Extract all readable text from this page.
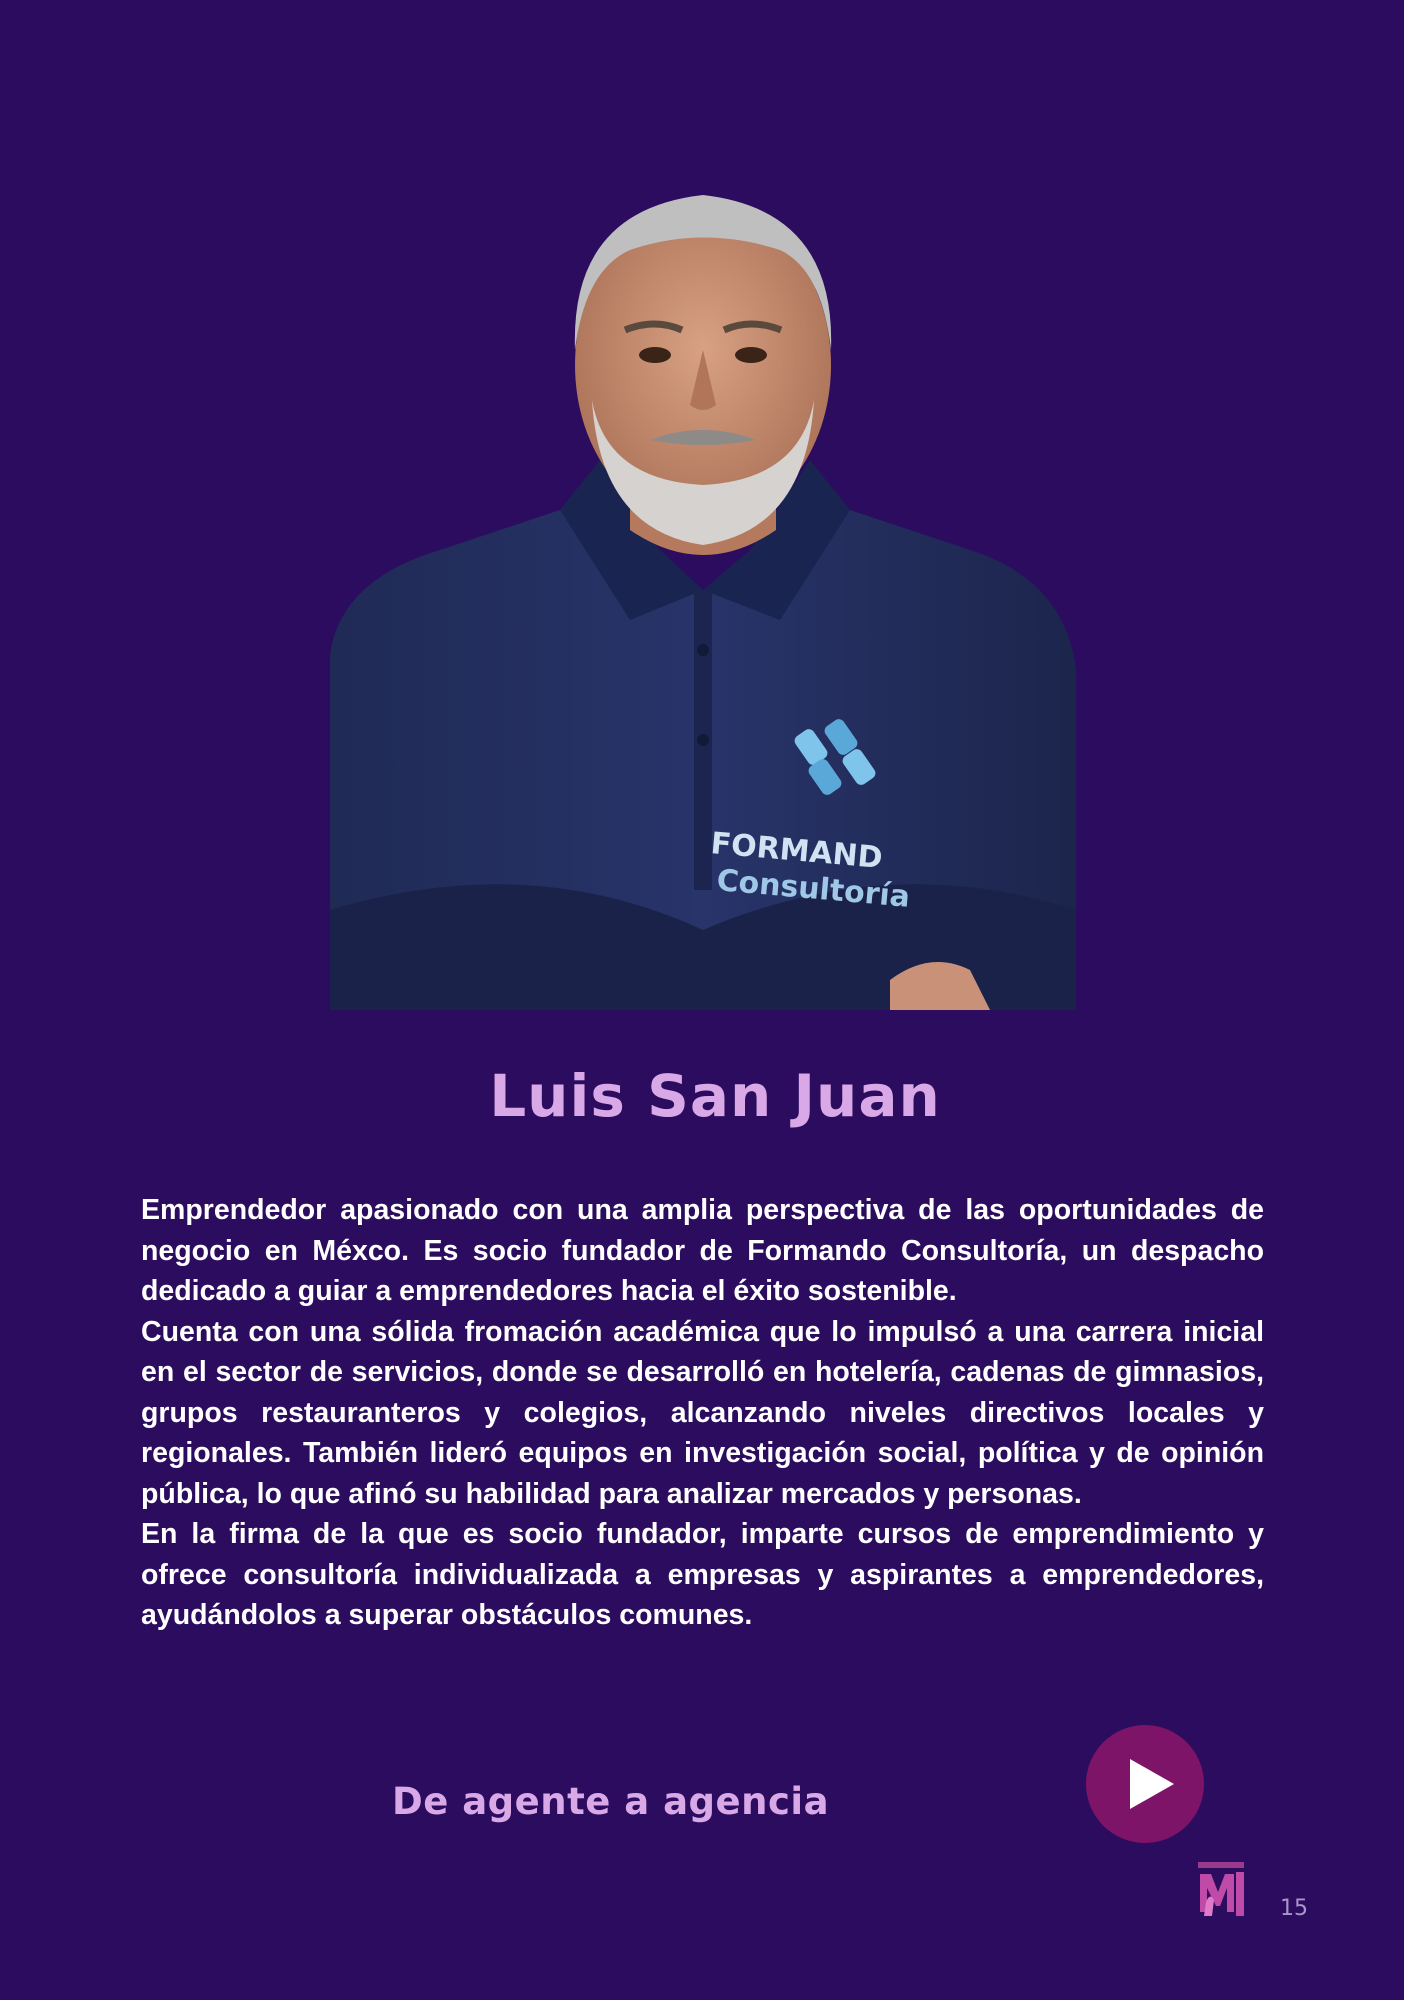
FORMAND
Consultoría
Luis San Juan

Emprendedor apasionado con una amplia perspectiva de las oportunidades de negocio en Méxco. Es socio fundador de Formando Consultoría, un despacho dedicado a guiar a emprendedores hacia el éxito sostenible.

Cuenta con una sólida fromación académica que lo impulsó a una carrera inicial en el sector de servicios, donde se desarrolló en hotelería, cadenas de gimnasios, grupos restauranteros y colegios, alcanzando niveles directivos locales y regionales. También lideró equipos en investigación social, política y de opinión pública, lo que afinó su habilidad para analizar mercados y personas.

En la firma de la que es socio fundador, imparte cursos de emprendimiento y ofrece consultoría individualizada a empresas y aspirantes a emprendedores, ayudándolos a superar obstáculos comunes.

De agente a agencia
15
